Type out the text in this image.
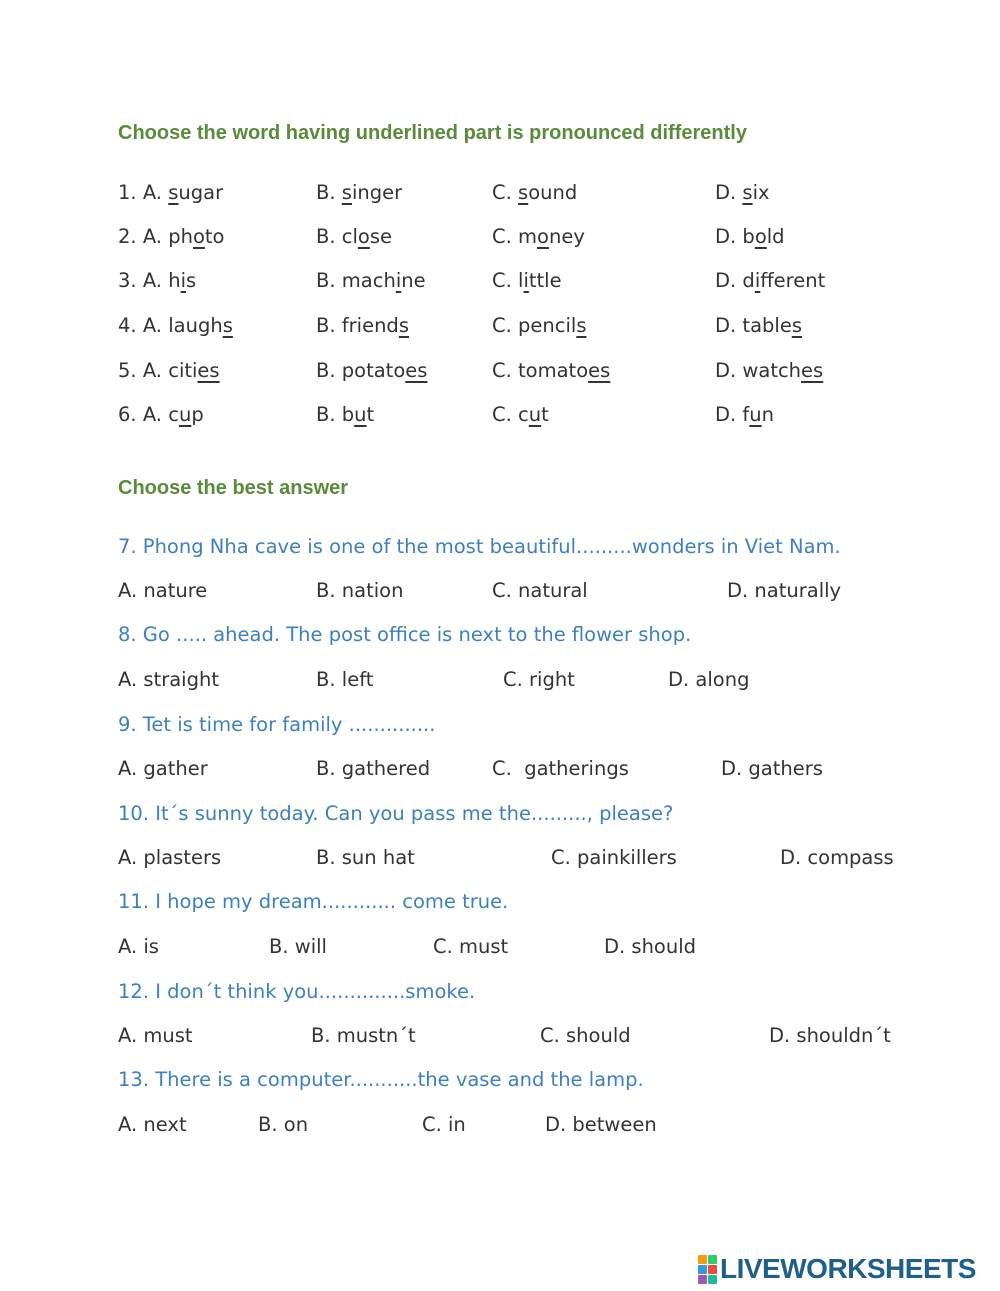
Choose the word having underlined part is pronounced differently
1. A. sugar	B. singer	C. sound	D. six
2. A. photo	B. close	C. money	D. bold
3. A. his	B. machine	C. little	D. different
4. A. laughs	B. friends	C. pencils	D. tables
5. A. cities	B. potatoes	C. tomatoes	D. watches
6. A. cup	B. but	C. cut	D. fun
Choose the best answer
7. Phong Nha cave is one of the most beautiful.........wonders in Viet Nam.
A. nature	B. nation	C. natural	D. naturally
8. Go ..... ahead. The post office is next to the flower shop.
A. straight	B. left	C. right	D. along
9. Tet is time for family ..............
A. gather	B. gathered	C.  gatherings	D. gathers
10. It´s sunny today. Can you pass me the........., please?
A. plasters	B. sun hat	C. painkillers	D. compass
11. I hope my dream............ come true.
A. is	B. will	C. must	D. should
12. I don´t think you..............smoke.
A. must	B. mustn´t	C. should	D. shouldn´t
13. There is a computer...........the vase and the lamp.
A. next	B. on	C. in	D. between
LIVEWORKSHEETS
